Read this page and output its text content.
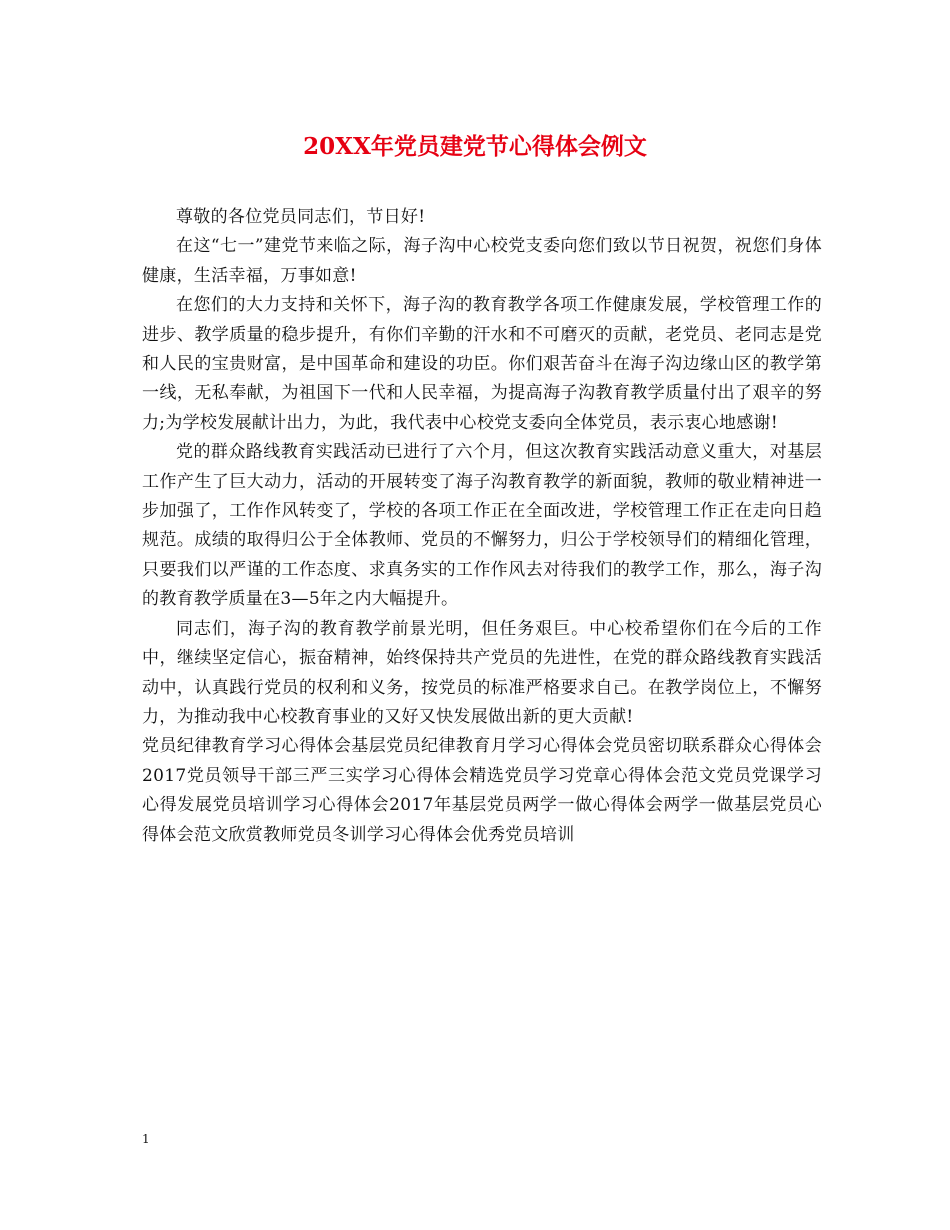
20XX年党员建党节心得体会例文

尊敬的各位党员同志们，节日好!

在这“七一”建党节来临之际，海子沟中心校党支委向您们致以节日祝贺，祝您们身体健康，生活幸福，万事如意!

在您们的大力支持和关怀下，海子沟的教育教学各项工作健康发展，学校管理工作的进步、教学质量的稳步提升，有你们辛勤的汗水和不可磨灭的贡献，老党员、老同志是党和人民的宝贵财富，是中国革命和建设的功臣。你们艰苦奋斗在海子沟边缘山区的教学第一线，无私奉献，为祖国下一代和人民幸福，为提高海子沟教育教学质量付出了艰辛的努力;为学校发展献计出力，为此，我代表中心校党支委向全体党员，表示衷心地感谢!

党的群众路线教育实践活动已进行了六个月，但这次教育实践活动意义重大，对基层工作产生了巨大动力，活动的开展转变了海子沟教育教学的新面貌，教师的敬业精神进一步加强了，工作作风转变了，学校的各项工作正在全面改进，学校管理工作正在走向日趋规范。成绩的取得归公于全体教师、党员的不懈努力，归公于学校领导们的精细化管理，只要我们以严谨的工作态度、求真务实的工作作风去对待我们的教学工作，那么，海子沟的教育教学质量在3—5年之内大幅提升。

同志们，海子沟的教育教学前景光明，但任务艰巨。中心校希望你们在今后的工作中，继续坚定信心，振奋精神，始终保持共产党员的先进性，在党的群众路线教育实践活动中，认真践行党员的权利和义务，按党员的标准严格要求自己。在教学岗位上，不懈努力，为推动我中心校教育事业的又好又快发展做出新的更大贡献!

党员纪律教育学习心得体会基层党员纪律教育月学习心得体会党员密切联系群众心得体会2017党员领导干部三严三实学习心得体会精选党员学习党章心得体会范文党员党课学习心得发展党员培训学习心得体会2017年基层党员两学一做心得体会两学一做基层党员心得体会范文欣赏教师党员冬训学习心得体会优秀党员培训

1
